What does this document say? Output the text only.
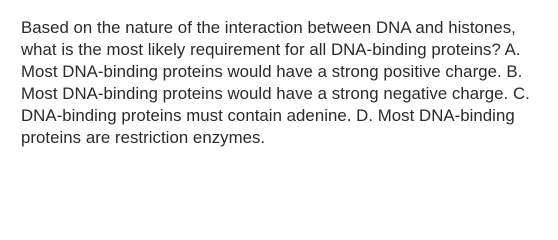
Based on the nature of the interaction between DNA and histones, what is the most likely requirement for all DNA-binding proteins? A. Most DNA-binding proteins would have a strong positive charge. B. Most DNA-binding proteins would have a strong negative charge. C. DNA-binding proteins must contain adenine. D. Most DNA-binding proteins are restriction enzymes.
